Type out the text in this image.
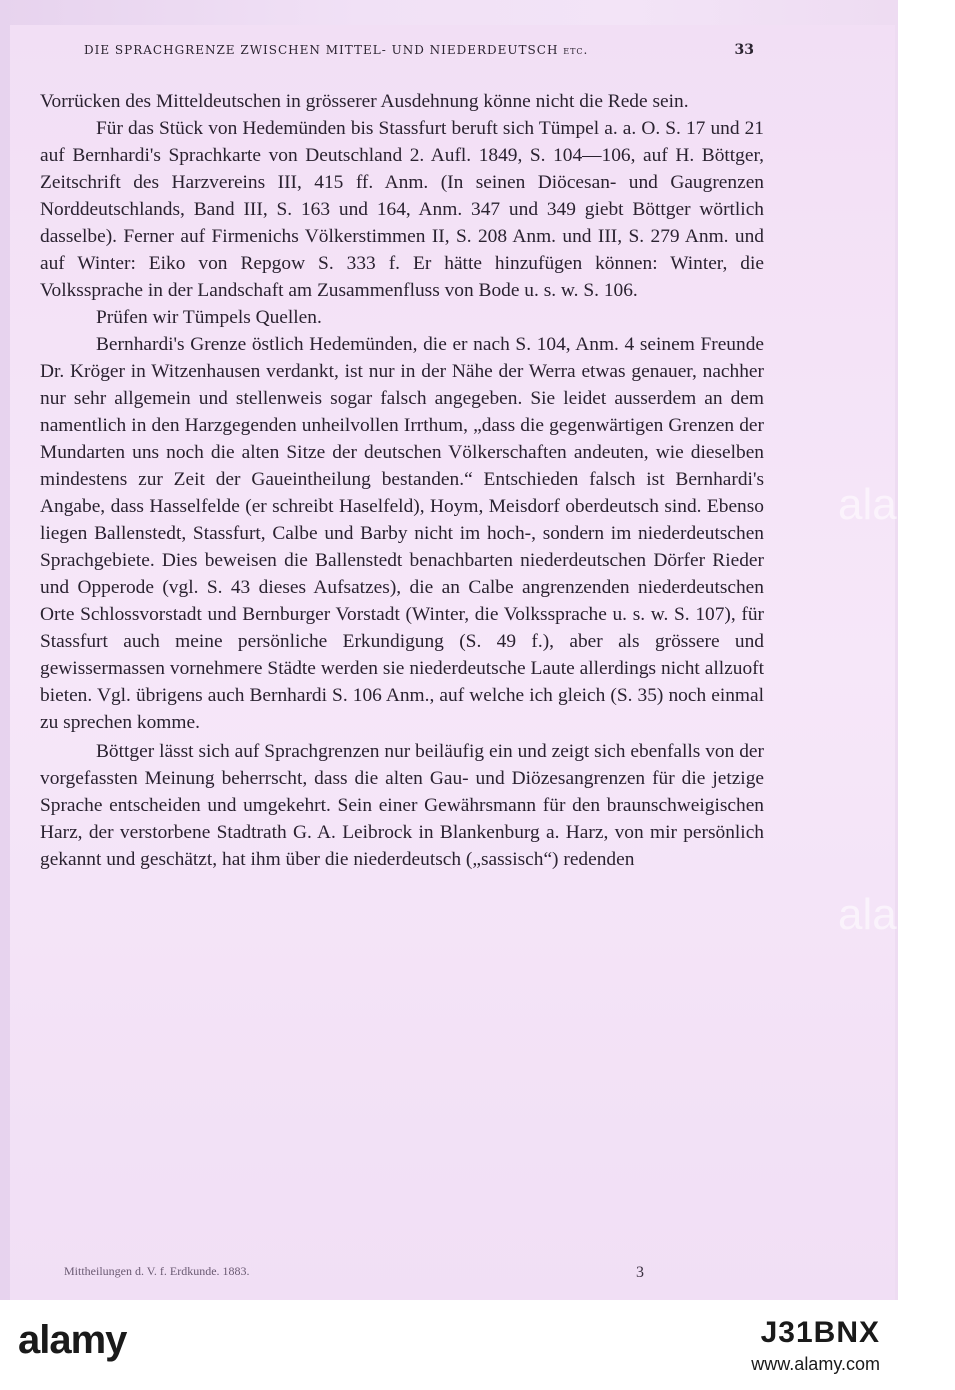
DIE SPRACHGRENZE ZWISCHEN MITTEL- UND NIEDERDEUTSCH etc.	33

Vorrücken des Mitteldeutschen in grösserer Ausdehnung könne nicht die Rede sein.

Für das Stück von Hedemünden bis Stassfurt beruft sich Tümpel a. a. O. S. 17 und 21 auf Bernhardi's Sprachkarte von Deutschland 2. Aufl. 1849, S. 104—106, auf H. Böttger, Zeitschrift des Harzvereins III, 415 ff. Anm. (In seinen Diöcesan- und Gaugrenzen Norddeutschlands, Band III, S. 163 und 164, Anm. 347 und 349 giebt Böttger wörtlich dasselbe). Ferner auf Firmenichs Völkerstimmen II, S. 208 Anm. und III, S. 279 Anm. und auf Winter: Eiko von Repgow S. 333 f. Er hätte hinzufügen können: Winter, die Volkssprache in der Landschaft am Zusammenfluss von Bode u. s. w. S. 106.

Prüfen wir Tümpels Quellen.

Bernhardi's Grenze östlich Hedemünden, die er nach S. 104, Anm. 4 seinem Freunde Dr. Kröger in Witzenhausen verdankt, ist nur in der Nähe der Werra etwas genauer, nachher nur sehr allgemein und stellenweis sogar falsch angegeben. Sie leidet ausserdem an dem namentlich in den Harzgegenden unheilvollen Irrthum, „dass die gegenwärtigen Grenzen der Mundarten uns noch die alten Sitze der deutschen Völkerschaften andeuten, wie dieselben mindestens zur Zeit der Gaueintheilung bestanden.“ Entschieden falsch ist Bernhardi's Angabe, dass Hasselfelde (er schreibt Haselfeld), Hoym, Meisdorf oberdeutsch sind. Ebenso liegen Ballenstedt, Stassfurt, Calbe und Barby nicht im hoch-, sondern im niederdeutschen Sprachgebiete. Dies beweisen die Ballenstedt benachbarten niederdeutschen Dörfer Rieder und Opperode (vgl. S. 43 dieses Aufsatzes), die an Calbe angrenzenden niederdeutschen Orte Schlossvorstadt und Bernburger Vorstadt (Winter, die Volkssprache u. s. w. S. 107), für Stassfurt auch meine persönliche Erkundigung (S. 49 f.), aber als grössere und gewissermassen vornehmere Städte werden sie niederdeutsche Laute allerdings nicht allzuoft bieten. Vgl. übrigens auch Bernhardi S. 106 Anm., auf welche ich gleich (S. 35) noch einmal zu sprechen komme.

Böttger lässt sich auf Sprachgrenzen nur beiläufig ein und zeigt sich ebenfalls von der vorgefassten Meinung beherrscht, dass die alten Gau- und Diözesangrenzen für die jetzige Sprache entscheiden und umgekehrt. Sein einer Gewährsmann für den braunschweigischen Harz, der verstorbene Stadtrath G. A. Leibrock in Blankenburg a. Harz, von mir persönlich gekannt und geschätzt, hat ihm über die niederdeutsch („sassisch“) redenden

Mittheilungen d. V. f. Erdkunde. 1883.	3
alamy
alamy
alamy	J31BNX
www.alamy.com
